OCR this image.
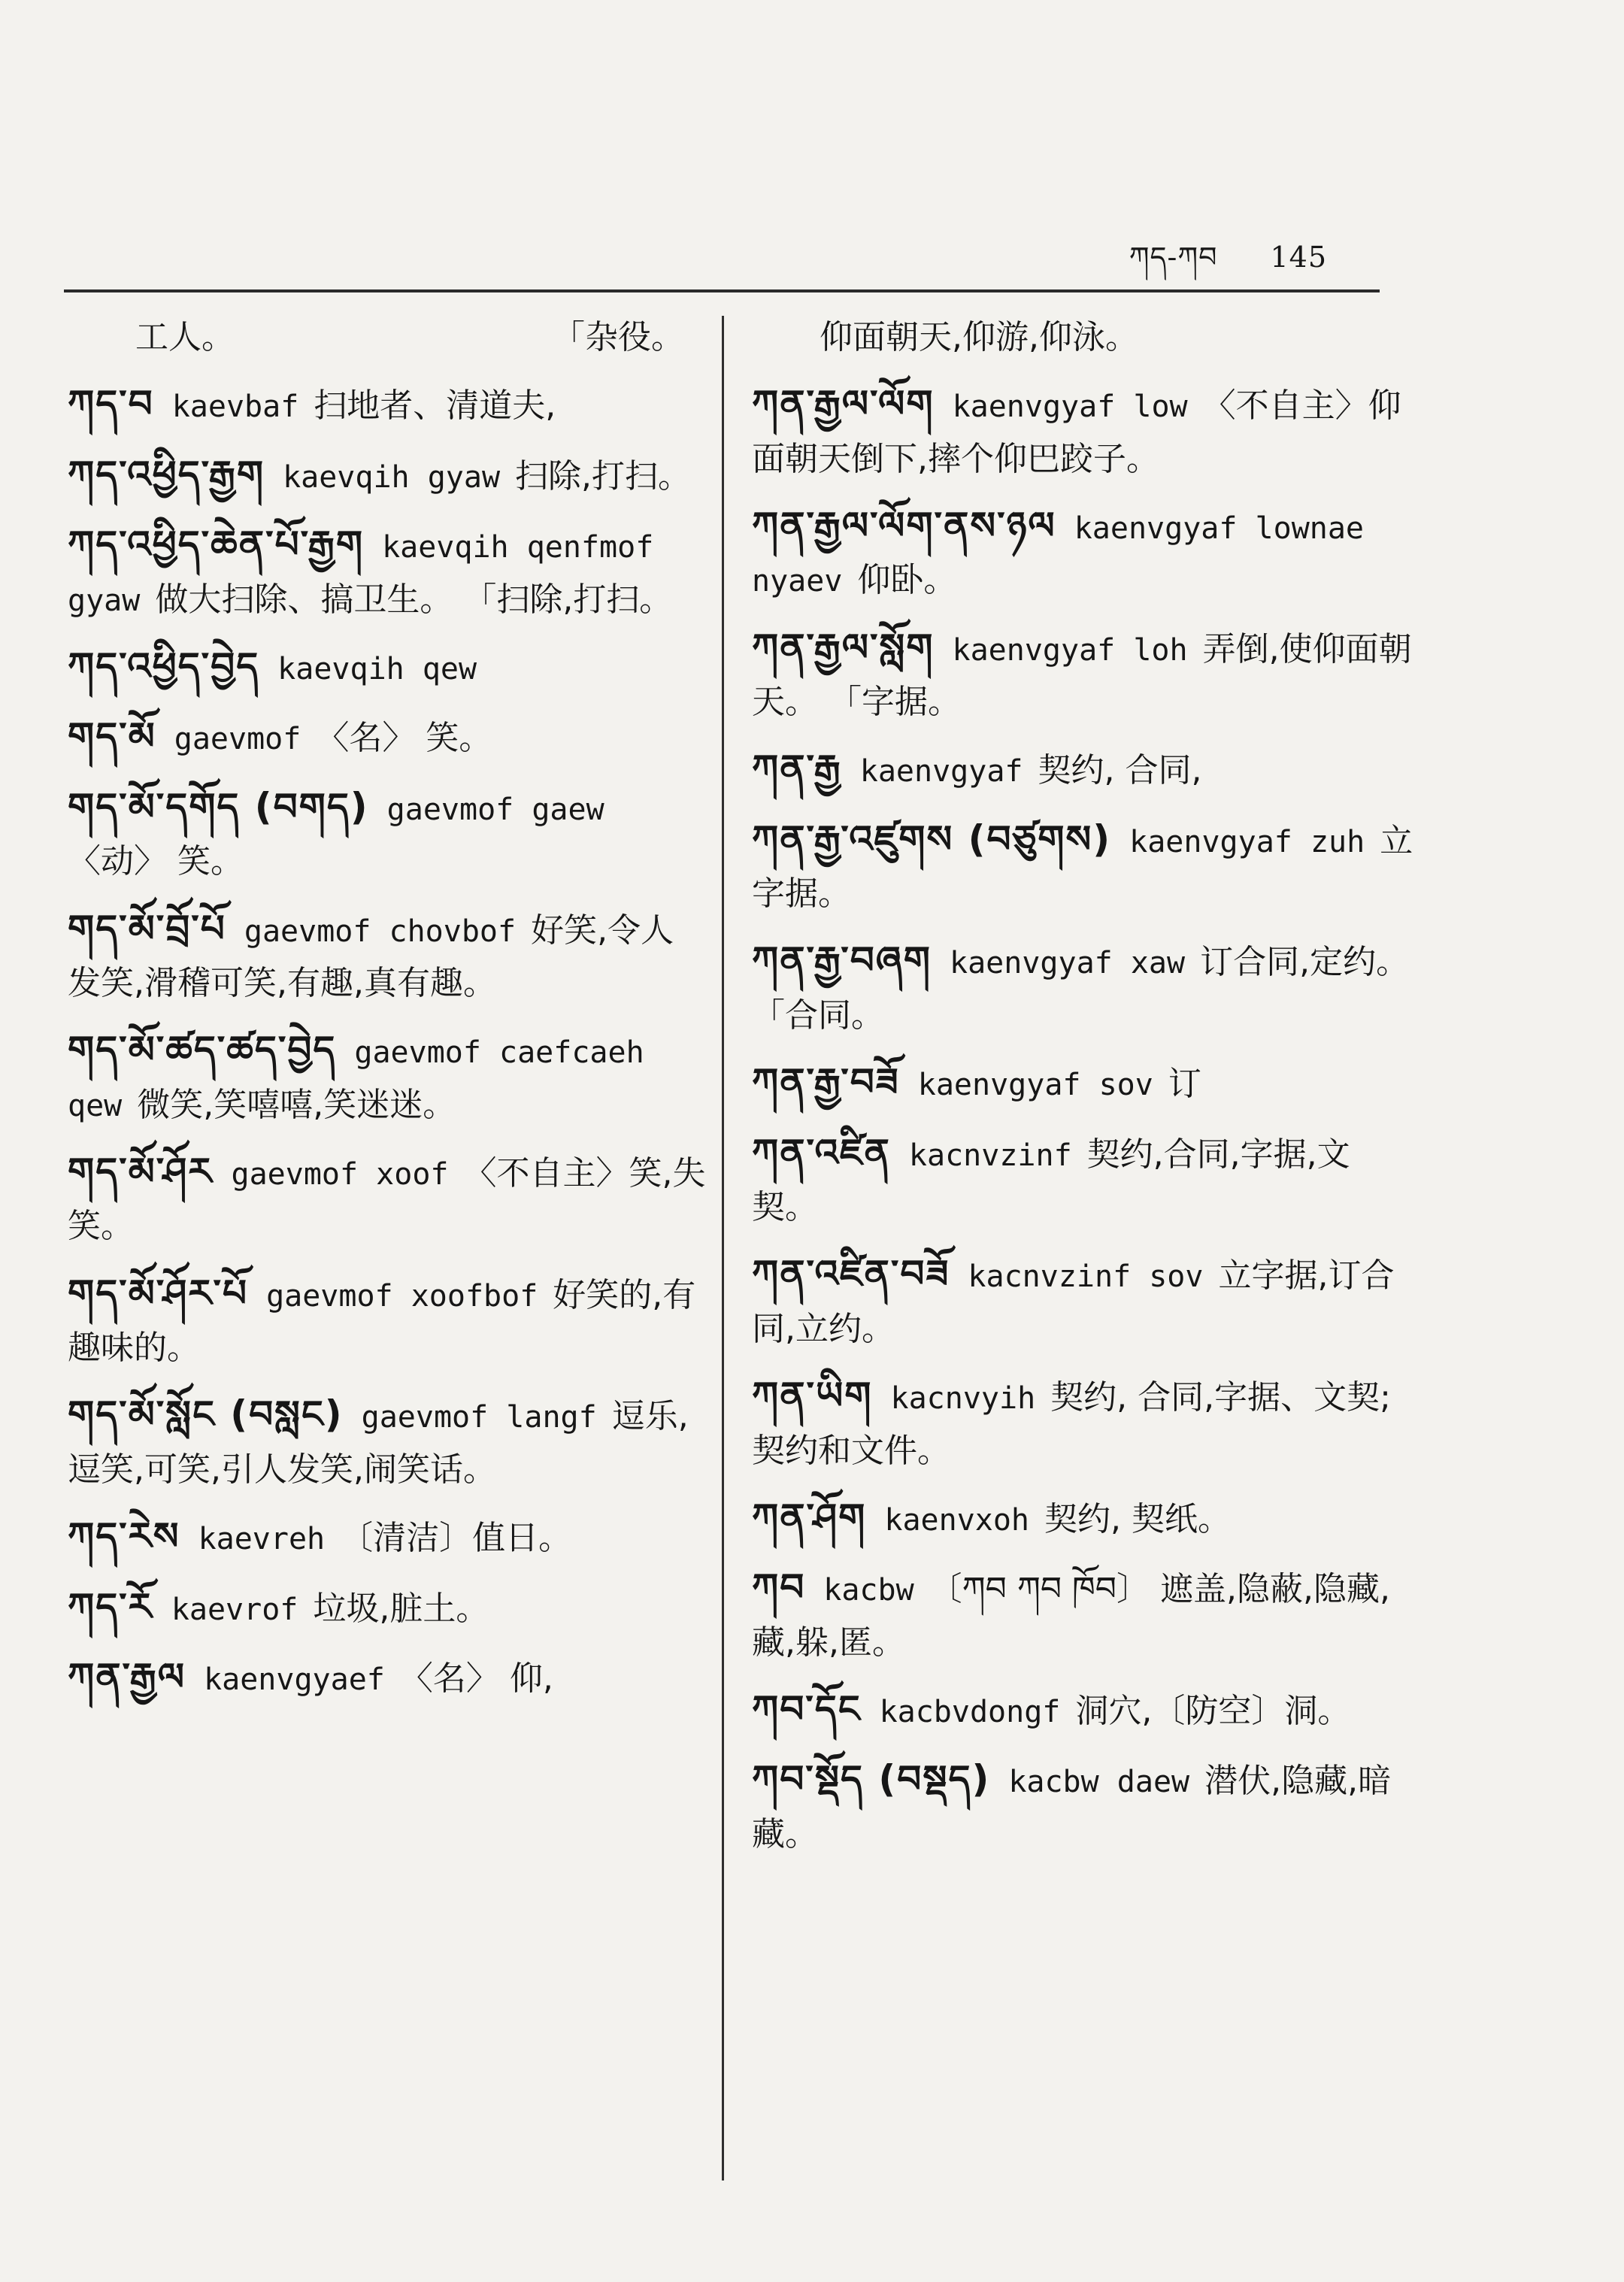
ཀད-ཀབ 145
工人。	「杂役。
ཀད་བ kaevbaf 扫地者、清道夫,
ཀད་འཕྱིད་རྒྱག kaevqih gyaw 扫除,打扫。
ཀད་འཕྱིད་ཆེན་པོ་རྒྱག kaevqih qenfmof gyaw 做大扫除、搞卫生。 「扫除,打扫。
ཀད་འཕྱིད་བྱེད kaevqih qew
གད་མོ gaevmof 〈名〉 笑。
གད་མོ་དགོད (བགད) gaevmof gaew〈动〉 笑。
གད་མོ་བྲོ་པོ gaevmof chovbof 好笑,令人发笑,滑稽可笑,有趣,真有趣。
གད་མོ་ཚད་ཚད་བྱེད gaevmof caefcaeh qew 微笑,笑嘻嘻,笑迷迷。
གད་མོ་ཤོར gaevmof xoof 〈不自主〉笑,失笑。
གད་མོ་ཤོར་པོ gaevmof xoofbof 好笑的,有趣味的。
གད་མོ་སློང (བསླང) gaevmof langf 逗乐,逗笑,可笑,引人发笑,闹笑话。
ཀད་རེས kaevreh 〔清洁〕值日。
ཀད་རོ kaevrof 垃圾,脏土。
ཀན་རྒྱལ kaenvgyaef 〈名〉 仰,
仰面朝天,仰游,仰泳。
ཀན་རྒྱལ་ལོག kaenvgyaf low 〈不自主〉仰面朝天倒下,摔个仰巴跤子。
ཀན་རྒྱལ་ལོག་ནས་ཉལ kaenvgyaf lownae nyaev 仰卧。
ཀན་རྒྱལ་སློག kaenvgyaf loh 弄倒,使仰面朝天。 「字据。
ཀན་རྒྱ kaenvgyaf 契约, 合同,
ཀན་རྒྱ་འཛུགས (བཙུགས) kaenvgyaf zuh 立字据。
ཀན་རྒྱ་བཞག kaenvgyaf xaw 订合同,定约。 「合同。
ཀན་རྒྱ་བཟོ kaenvgyaf sov 订
ཀན་འཛིན kacnvzinf 契约,合同,字据,文契。
ཀན་འཛིན་བཟོ kacnvzinf sov 立字据,订合同,立约。
ཀན་ཡིག kacnvyih 契约, 合同,字据、文契;契约和文件。
ཀན་ཤོག kaenvxoh 契约, 契纸。
ཀབ kacbw 〔ཀབ ཀབ ཁོབ〕 遮盖,隐蔽,隐藏,藏,躲,匿。
ཀབ་དོང kacbvdongf 洞穴,〔防空〕洞。
ཀབ་སྡོད (བསྡད) kacbw daew 潜伏,隐藏,暗藏。
